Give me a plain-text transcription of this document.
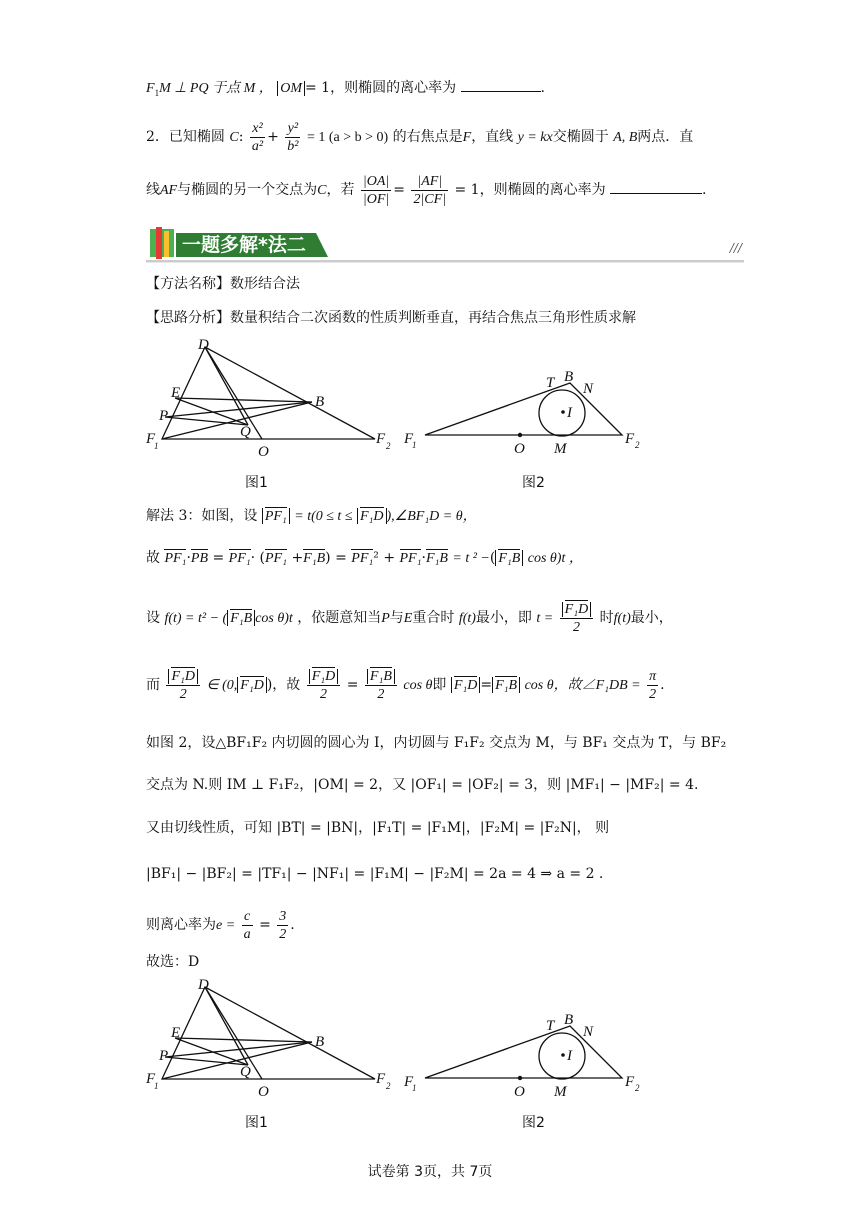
$F_1M$ ⊥ PQ 于点 M ， OM = 1，则椭圆的离心率为	.
2．已知椭圆 C: $\frac{\text{x²}}{\text{a²}} + \frac{\text{y²}}{\text{b²}} = 1$ (a > b > 0) 的右焦点是F，直线 y = kx交椭圆于 A, B两点．直
线AF与椭圆的另一个交点为C，若 $\frac{|OA|}{|OF|} = \frac{|AF|}{2|CF|} = 1$，则椭圆的离心率为	.
一题多解*法二	///
【方法名称】数形结合法
【思路分析】数量积结合二次函数的性质判断垂直，再结合焦点三角形性质求解
D
E
P
Q
B
O
F
1	F 2
图1
T B
N
I
F
1	F 2
O M
图2
解法 3：如图，设 PF₁ = t(0 ≤ t ≤ F₁D ),∠BF₁D = θ，
故 PF₁·PB = PF₁· (PF₁ +F₁B) = PF₁² + PF₁·F₁B = t ² −( F₁B cos θ)t ，
设 f(t) = t² − ( F₁B cos θ)t ，依题意知当P与E重合时 f(t)最小，即 $t = \frac{\text{F₁D}}{2}$ 时f(t)最小，
而 $\frac{\text{F₁D}}{2}$ ∈ (0, F₁D )，故 $\frac{\text{F₁D}}{2} = \frac{\text{F₁B}}{2}$ cos θ即 F₁D = F₁B cos θ，故∠F₁DB = $\frac{\pi}{2}$ .
如图 2，设△BF₁F₂ 内切圆的圆心为 I，内切圆与 F₁F₂ 交点为 M，与 BF₁ 交点为 T，与 BF₂
交点为 N.则 IM ⊥ F₁F₂，|OM| = 2，又 |OF₁| = |OF₂| = 3，则 |MF₁| − |MF₂| = 4.
又由切线性质，可知 |BT| = |BN|，|F₁T| = |F₁M|，|F₂M| = |F₂N|， 则
|BF₁| − |BF₂| = |TF₁| − |NF₁| = |F₁M| − |F₂M| = 2a = 4 ⇒ a = 2 .
则离心率为$e = \frac{c}{a} = \frac{3}{2}$ .
故选：D
D
E
P
Q
B
O
F
1	F 2
图1
T B
N
I
F
1	F 2
O M
图2
试卷第 3页，共 7页
